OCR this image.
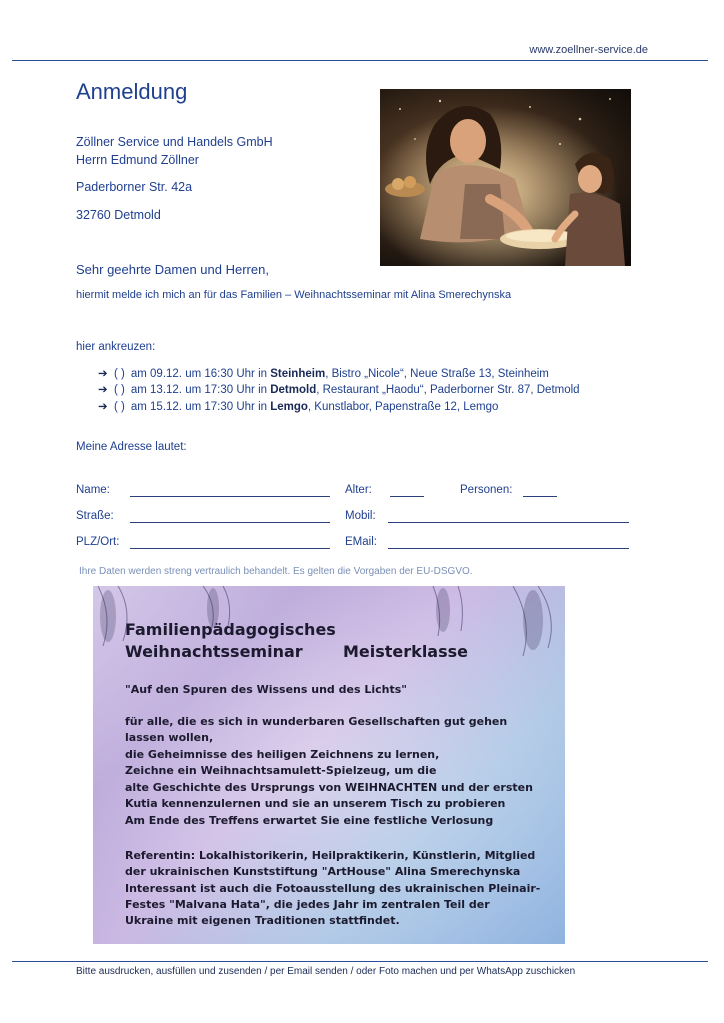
www.zoellner-service.de
Anmeldung
Zöllner Service und Handels GmbH
Herrn Edmund Zöllner
Paderborner Str. 42a
32760 Detmold
Sehr geehrte Damen und Herren,
hiermit melde ich mich an für das Familien – Weihnachtsseminar mit Alina Smerechynska
hier ankreuzen:
➔ ( ) am 09.12. um 16:30 Uhr in Steinheim, Bistro „Nicole“, Neue Straße 13, Steinheim
➔ ( ) am 13.12. um 17:30 Uhr in Detmold, Restaurant „Haodu“, Paderborner Str. 87, Detmold
➔ ( ) am 15.12. um 17:30 Uhr in Lemgo, Kunstlabor, Papenstraße 12, Lemgo
Meine Adresse lautet:
Name:	Alter:	Personen:
Straße:	Mobil:
PLZ/Ort:	EMail:
Ihre Daten werden streng vertraulich behandelt. Es gelten die Vorgaben der EU-DSGVO.
Familienpädagogisches
Weihnachtsseminar	Meisterklasse
"Auf den Spuren des Wissens und des Lichts"
für alle, die es sich in wunderbaren Gesellschaften gut gehen
lassen wollen,
die Geheimnisse des heiligen Zeichnens zu lernen,
Zeichne ein Weihnachtsamulett-Spielzeug, um die
alte Geschichte des Ursprungs von WEIHNACHTEN und der ersten
Kutia kennenzulernen und sie an unserem Tisch zu probieren
Am Ende des Treffens erwartet Sie eine festliche Verlosung
Referentin: Lokalhistorikerin, Heilpraktikerin, Künstlerin, Mitglied
der ukrainischen Kunststiftung "ArtHouse" Alina Smerechynska
Interessant ist auch die Fotoausstellung des ukrainischen Pleinair-
Festes "Malvana Hata", die jedes Jahr im zentralen Teil der
Ukraine mit eigenen Traditionen stattfindet.
Bitte ausdrucken, ausfüllen und zusenden / per Email senden / oder Foto machen und per WhatsApp zuschicken
